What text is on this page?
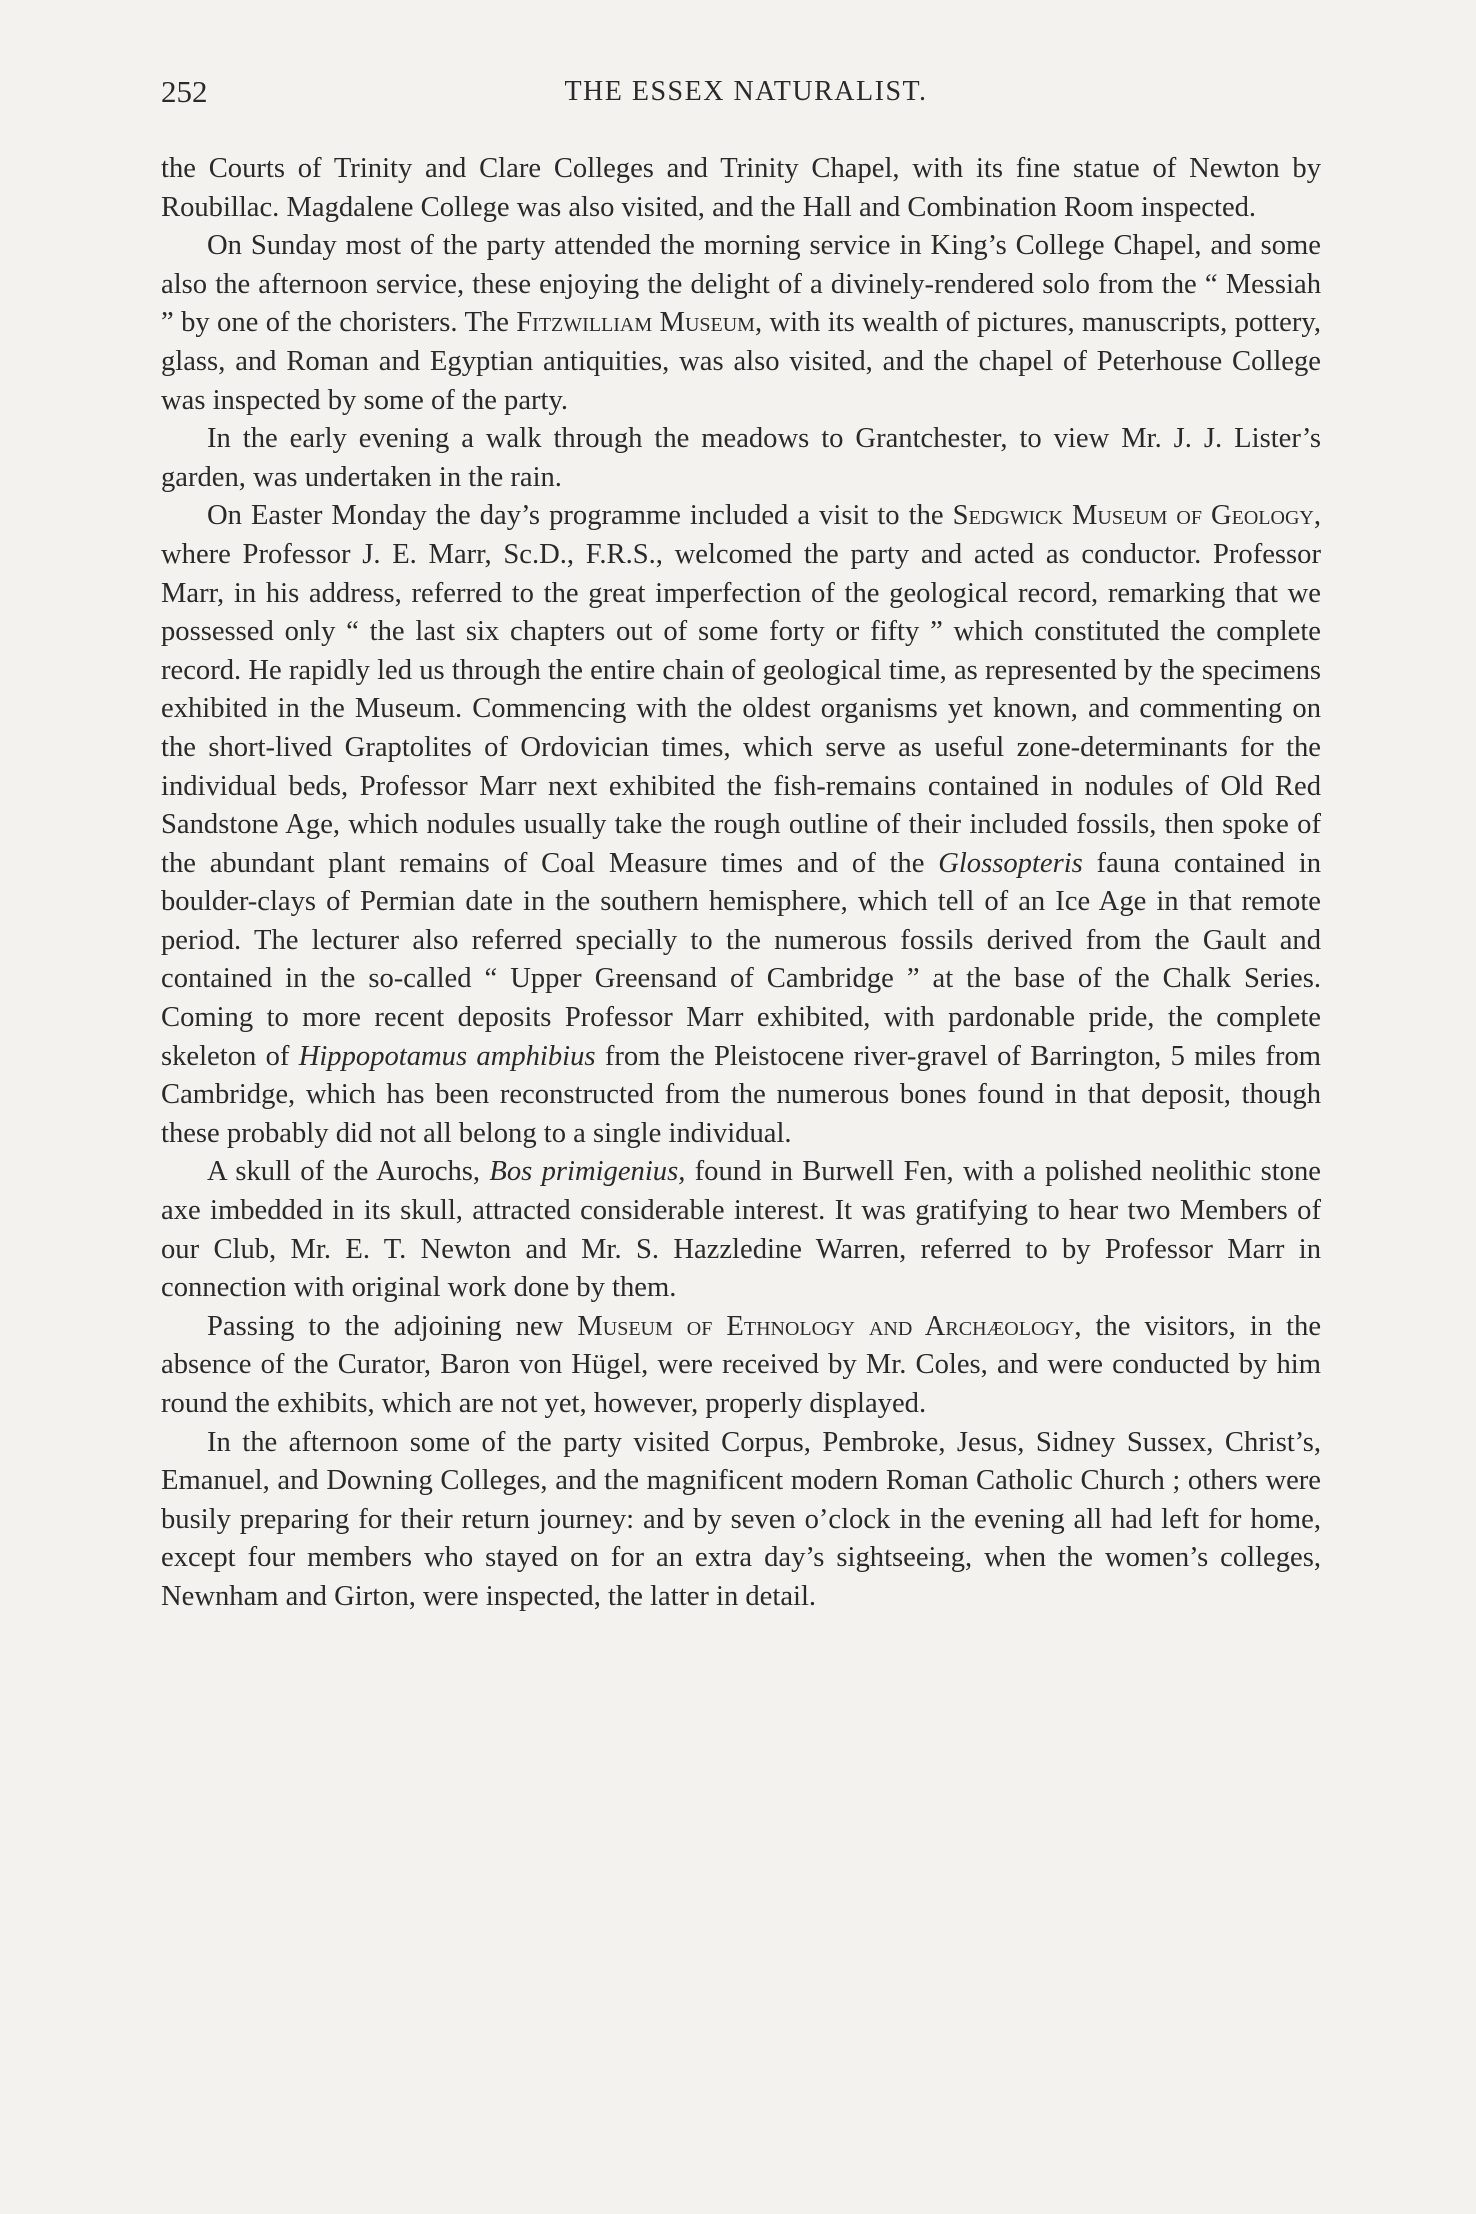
252	THE ESSEX NATURALIST.

the Courts of Trinity and Clare Colleges and Trinity Chapel, with its fine statue of Newton by Roubillac. Magdalene College was also visited, and the Hall and Combination Room inspected.

On Sunday most of the party attended the morning service in King’s College Chapel, and some also the afternoon service, these enjoying the delight of a divinely-rendered solo from the “ Messiah ” by one of the choristers. The Fitzwilliam Museum, with its wealth of pictures, manuscripts, pottery, glass, and Roman and Egyptian antiquities, was also visited, and the chapel of Peterhouse College was inspected by some of the party.

In the early evening a walk through the meadows to Grantchester, to view Mr. J. J. Lister’s garden, was undertaken in the rain.

On Easter Monday the day’s programme included a visit to the Sedgwick Museum of Geology, where Professor J. E. Marr, Sc.D., F.R.S., welcomed the party and acted as conductor. Professor Marr, in his address, referred to the great imperfection of the geological record, remarking that we possessed only “ the last six chapters out of some forty or fifty ” which constituted the complete record. He rapidly led us through the entire chain of geological time, as represented by the specimens exhibited in the Museum. Commencing with the oldest organisms yet known, and commenting on the short-lived Graptolites of Ordovician times, which serve as useful zone-determinants for the individual beds, Professor Marr next exhibited the fish-remains contained in nodules of Old Red Sandstone Age, which nodules usually take the rough outline of their included fossils, then spoke of the abundant plant remains of Coal Measure times and of the Glossopteris fauna contained in boulder-clays of Permian date in the southern hemisphere, which tell of an Ice Age in that remote period. The lecturer also referred specially to the numerous fossils derived from the Gault and contained in the so-called “ Upper Greensand of Cambridge ” at the base of the Chalk Series. Coming to more recent deposits Professor Marr exhibited, with pardonable pride, the complete skeleton of Hippopotamus amphibius from the Pleistocene river-gravel of Barrington, 5 miles from Cambridge, which has been reconstructed from the numerous bones found in that deposit, though these probably did not all belong to a single individual.

A skull of the Aurochs, Bos primigenius, found in Burwell Fen, with a polished neolithic stone axe imbedded in its skull, attracted considerable interest. It was gratifying to hear two Members of our Club, Mr. E. T. Newton and Mr. S. Hazzledine Warren, referred to by Professor Marr in connection with original work done by them.

Passing to the adjoining new Museum of Ethnology and Archæology, the visitors, in the absence of the Curator, Baron von Hügel, were received by Mr. Coles, and were conducted by him round the exhibits, which are not yet, however, properly displayed.

In the afternoon some of the party visited Corpus, Pembroke, Jesus, Sidney Sussex, Christ’s, Emanuel, and Downing Colleges, and the magnificent modern Roman Catholic Church ; others were busily preparing for their return journey: and by seven o’clock in the evening all had left for home, except four members who stayed on for an extra day’s sightseeing, when the women’s colleges, Newnham and Girton, were inspected, the latter in detail.
